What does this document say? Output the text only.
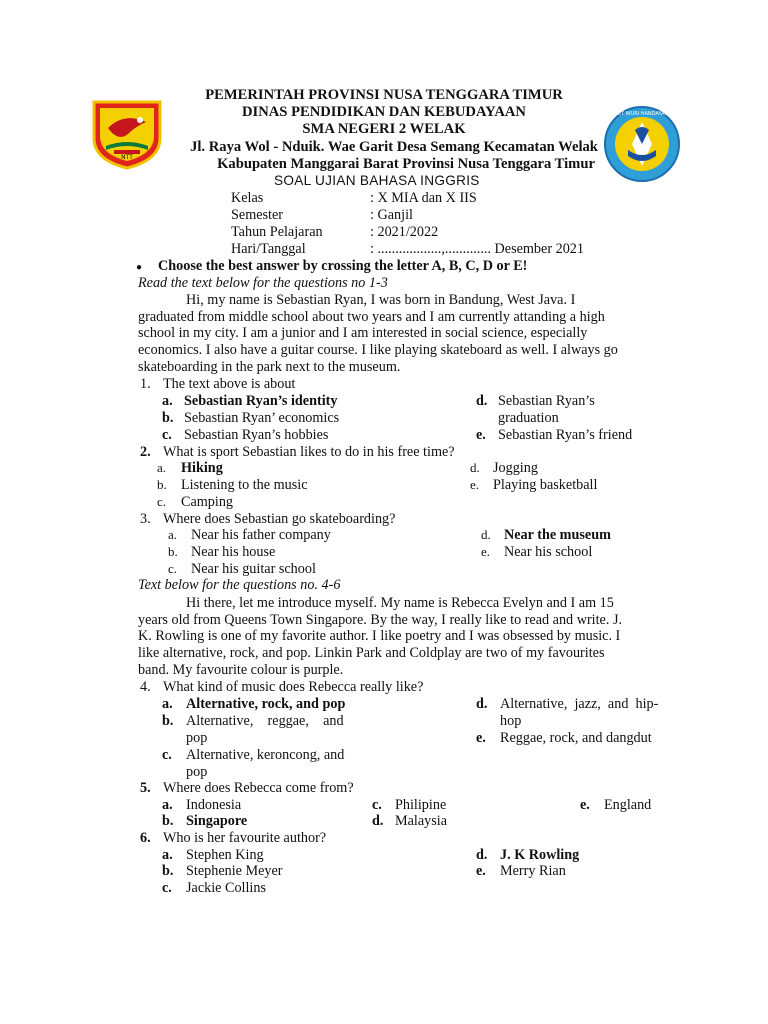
NTT
TUT WURI HANDAYANI
PEMERINTAH PROVINSI NUSA TENGGARA TIMUR
DINAS PENDIDIKAN DAN KEBUDAYAAN
SMA NEGERI 2 WELAK
Jl. Raya Wol - Nduik. Wae Garit Desa Semang Kecamatan Welak
Kabupaten Manggarai Barat Provinsi Nusa Tenggara Timur
SOAL UJIAN BAHASA INGGRIS
Kelas	: X MIA dan X IIS
Semester	: Ganjil
Tahun Pelajaran	: 2021/2022
Hari/Tanggal	: ..................,............. Desember 2021
● Choose the best answer by crossing the letter A, B, C, D or E!
Read the text below for the questions no 1-3
Hi, my name is Sebastian Ryan, I was born in Bandung, West Java. I
graduated from middle school about two years and I am currently attanding a high
school in my city. I am a junior and I am interested in social science, especially
economics. I also have a guitar course. I like playing skateboard as well. I always go
skateboarding in the park next to the museum.
1. The text above is about
a. Sebastian Ryan’s identity
b. Sebastian Ryan’ economics
c. Sebastian Ryan’s hobbies
d. Sebastian Ryan’s
graduation
e. Sebastian Ryan’s friend
2. What is sport Sebastian likes to do in his free time?
a. Hiking
b. Listening to the music
c. Camping
d. Jogging
e. Playing basketball
3. Where does Sebastian go skateboarding?
a. Near his father company
b. Near his house
c. Near his guitar school
d. Near the museum
e. Near his school
Text below for the questions no. 4-6
Hi there, let me introduce myself. My name is Rebecca Evelyn and I am 15
years old from Queens Town Singapore. By the way, I really like to read and write. J.
K. Rowling is one of my favorite author. I like poetry and I was obsessed by music. I
like alternative, rock, and pop. Linkin Park and Coldplay are two of my favourites
band. My favourite colour is purple.
4. What kind of music does Rebecca really like?
a. Alternative, rock, and pop
b. Alternative,    reggae,    and
pop
c. Alternative, keroncong, and
pop
d. Alternative,  jazz,  and  hip-
hop
e. Reggae, rock, and dangdut
5. Where does Rebecca come from?
a. Indonesia
b. Singapore
c. Philipine
d. Malaysia
e. England
6. Who is her favourite author?
a. Stephen King
b. Stephenie Meyer
c. Jackie Collins
d. J. K Rowling
e. Merry Rian
